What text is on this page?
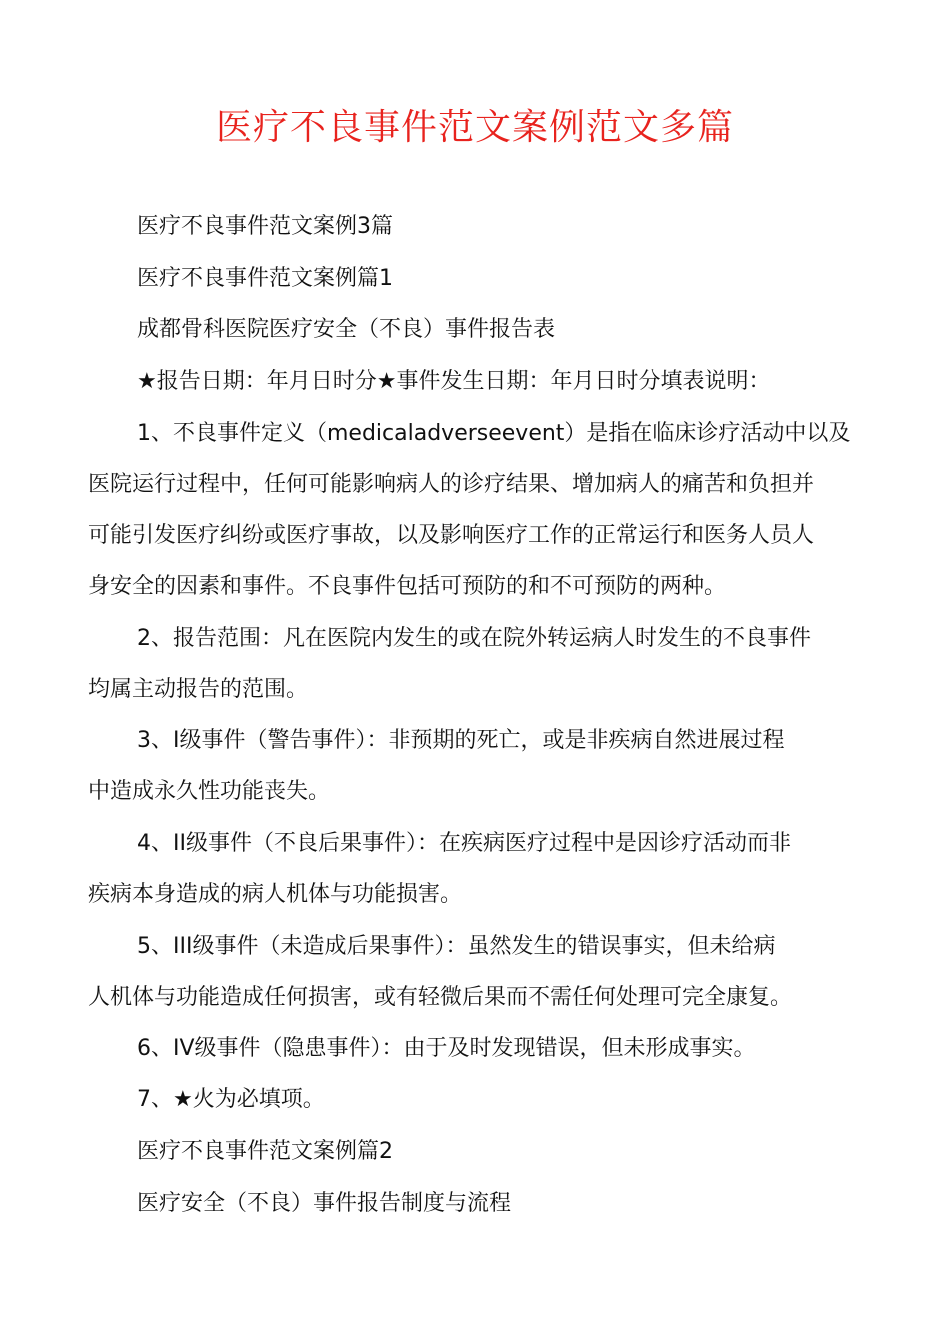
医疗不良事件范文案例范文多篇
医疗不良事件范文案例3篇
医疗不良事件范文案例篇1
成都骨科医院医疗安全（不良）事件报告表
★报告日期：年月日时分★事件发生日期：年月日时分填表说明：
1、不良事件定义（medicaladverseevent）是指在临床诊疗活动中以及
医院运行过程中，任何可能影响病人的诊疗结果、增加病人的痛苦和负担并
可能引发医疗纠纷或医疗事故，以及影响医疗工作的正常运行和医务人员人
身安全的因素和事件。不良事件包括可预防的和不可预防的两种。
2、报告范围：凡在医院内发生的或在院外转运病人时发生的不良事件
均属主动报告的范围。
3、Ⅰ级事件（警告事件）：非预期的死亡，或是非疾病自然进展过程
中造成永久性功能丧失。
4、II级事件（不良后果事件）：在疾病医疗过程中是因诊疗活动而非
疾病本身造成的病人机体与功能损害。
5、III级事件（未造成后果事件）：虽然发生的错误事实，但未给病
人机体与功能造成任何损害，或有轻微后果而不需任何处理可完全康复。
6、IV级事件（隐患事件）：由于及时发现错误，但未形成事实。
7、★火为必填项。
医疗不良事件范文案例篇2
医疗安全（不良）事件报告制度与流程
